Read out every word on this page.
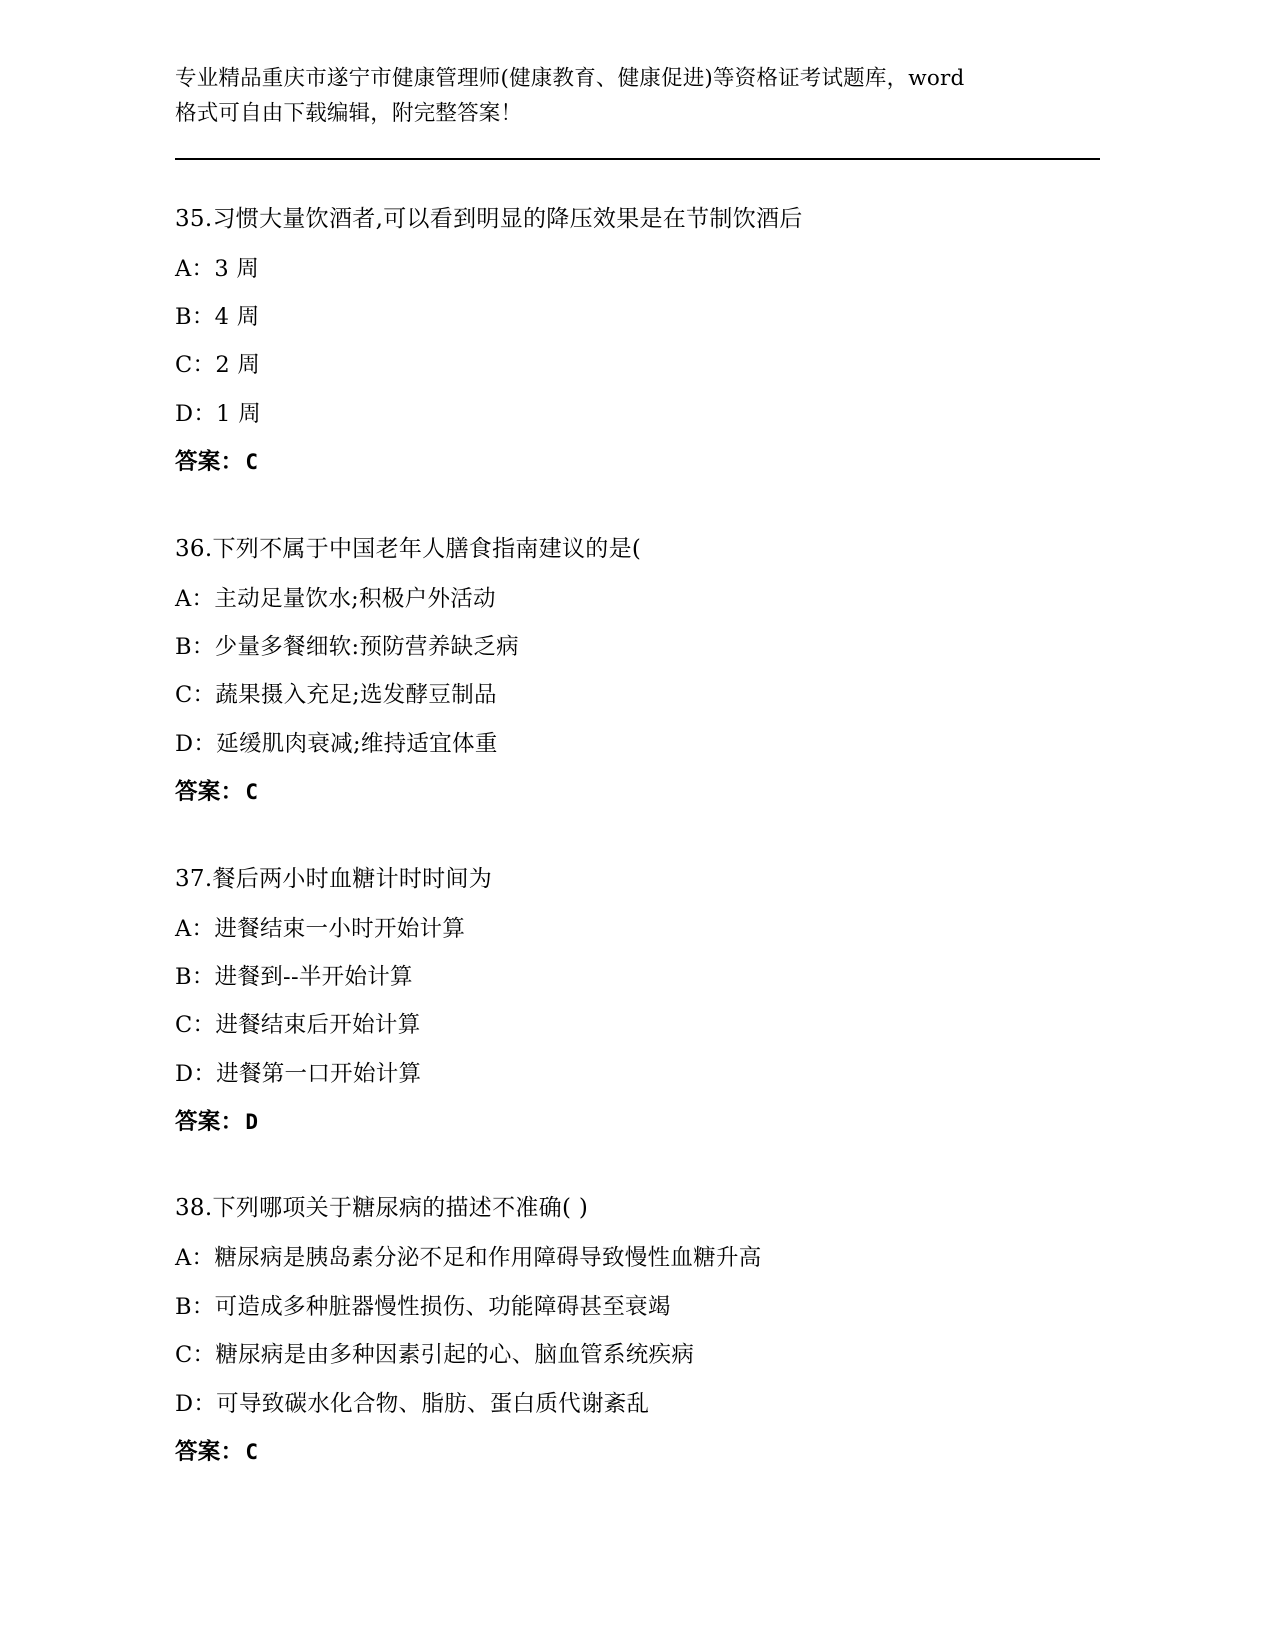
专业精品重庆市遂宁市健康管理师(健康教育、健康促进)等资格证考试题库，word
格式可自由下载编辑，附完整答案！
35.习惯大量饮酒者,可以看到明显的降压效果是在节制饮酒后
A：3 周
B：4 周
C：2 周
D：1 周
答案：C
36.下列不属于中国老年人膳食指南建议的是(
A：主动足量饮水;积极户外活动
B：少量多餐细软:预防营养缺乏病
C：蔬果摄入充足;选发酵豆制品
D：延缓肌肉衰减;维持适宜体重
答案：C
37.餐后两小时血糖计时时间为
A：进餐结束一小时开始计算
B：进餐到--半开始计算
C：进餐结束后开始计算
D：进餐第一口开始计算
答案：D
38.下列哪项关于糖尿病的描述不准确( )
A：糖尿病是胰岛素分泌不足和作用障碍导致慢性血糖升高
B：可造成多种脏器慢性损伤、功能障碍甚至衰竭
C：糖尿病是由多种因素引起的心、脑血管系统疾病
D：可导致碳水化合物、脂肪、蛋白质代谢紊乱
答案：C
